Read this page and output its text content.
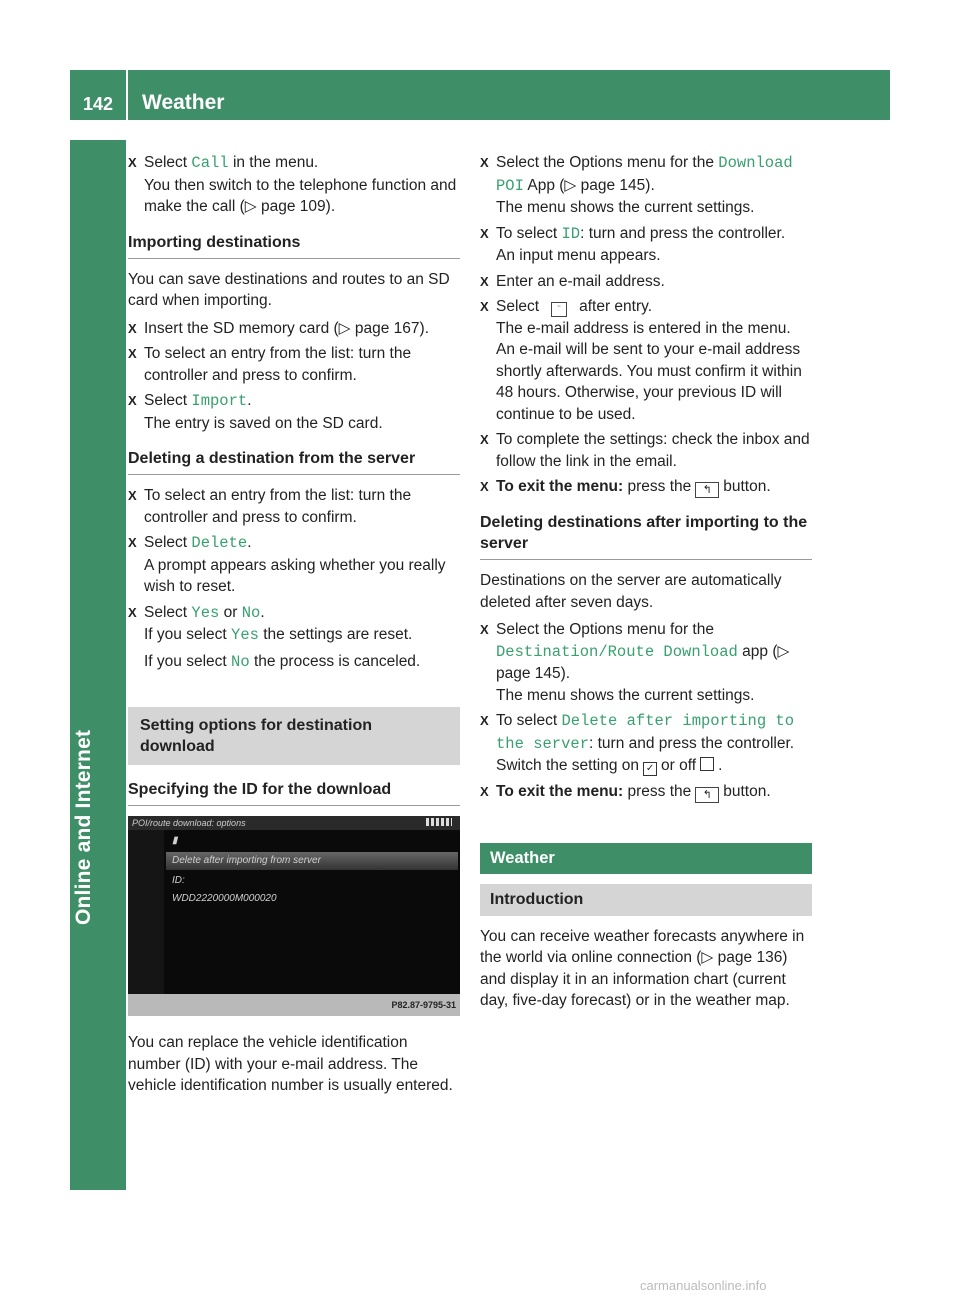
142	Weather
Online and Internet
X Select Call in the menu.

You then switch to the telephone function and make the call (▷ page 109).

Importing destinations

You can save destinations and routes to an SD card when importing.

X Insert the SD memory card (▷ page 167).

X To select an entry from the list: turn the controller and press to confirm.

X Select Import.

The entry is saved on the SD card.

Deleting a destination from the server
X To select an entry from the list: turn the controller and press to confirm.

X Select Delete.

A prompt appears asking whether you really wish to reset.

X Select Yes or No.

If you select Yes the settings are reset.

If you select No the process is canceled.

Setting options for destination download
Specifying the ID for the download
POI/route download: options
▮
Delete after importing from server
ID:
WDD2220000M000020
P82.87-9795-31

You can replace the vehicle identification number (ID) with your e-mail address. The vehicle identification number is usually entered.

X Select the Options menu for the Download POI App (▷ page 145).

The menu shows the current settings.

X To select ID: turn and press the controller.

An input menu appears.

X Enter an e-mail address.

X Select ¨ after entry.

The e-mail address is entered in the menu. An e-mail will be sent to your e-mail address shortly afterwards. You must confirm it within 48 hours. Otherwise, your previous ID will continue to be used.

X To complete the settings: check the inbox and follow the link in the email.

X To exit the menu: press the ↰ button.

Deleting destinations after importing to the server

Destinations on the server are automatically deleted after seven days.

X Select the Options menu for the Destination/Route Download app (▷ page 145).

The menu shows the current settings.

X To select Delete after importing to the server: turn and press the controller.

Switch the setting on ✓ or off .

X To exit the menu: press the ↰ button.

Weather
Introduction

You can receive weather forecasts anywhere in the world via online connection (▷ page 136) and display it in an information chart (current day, five-day forecast) or in the weather map.

carmanualsonline.info
